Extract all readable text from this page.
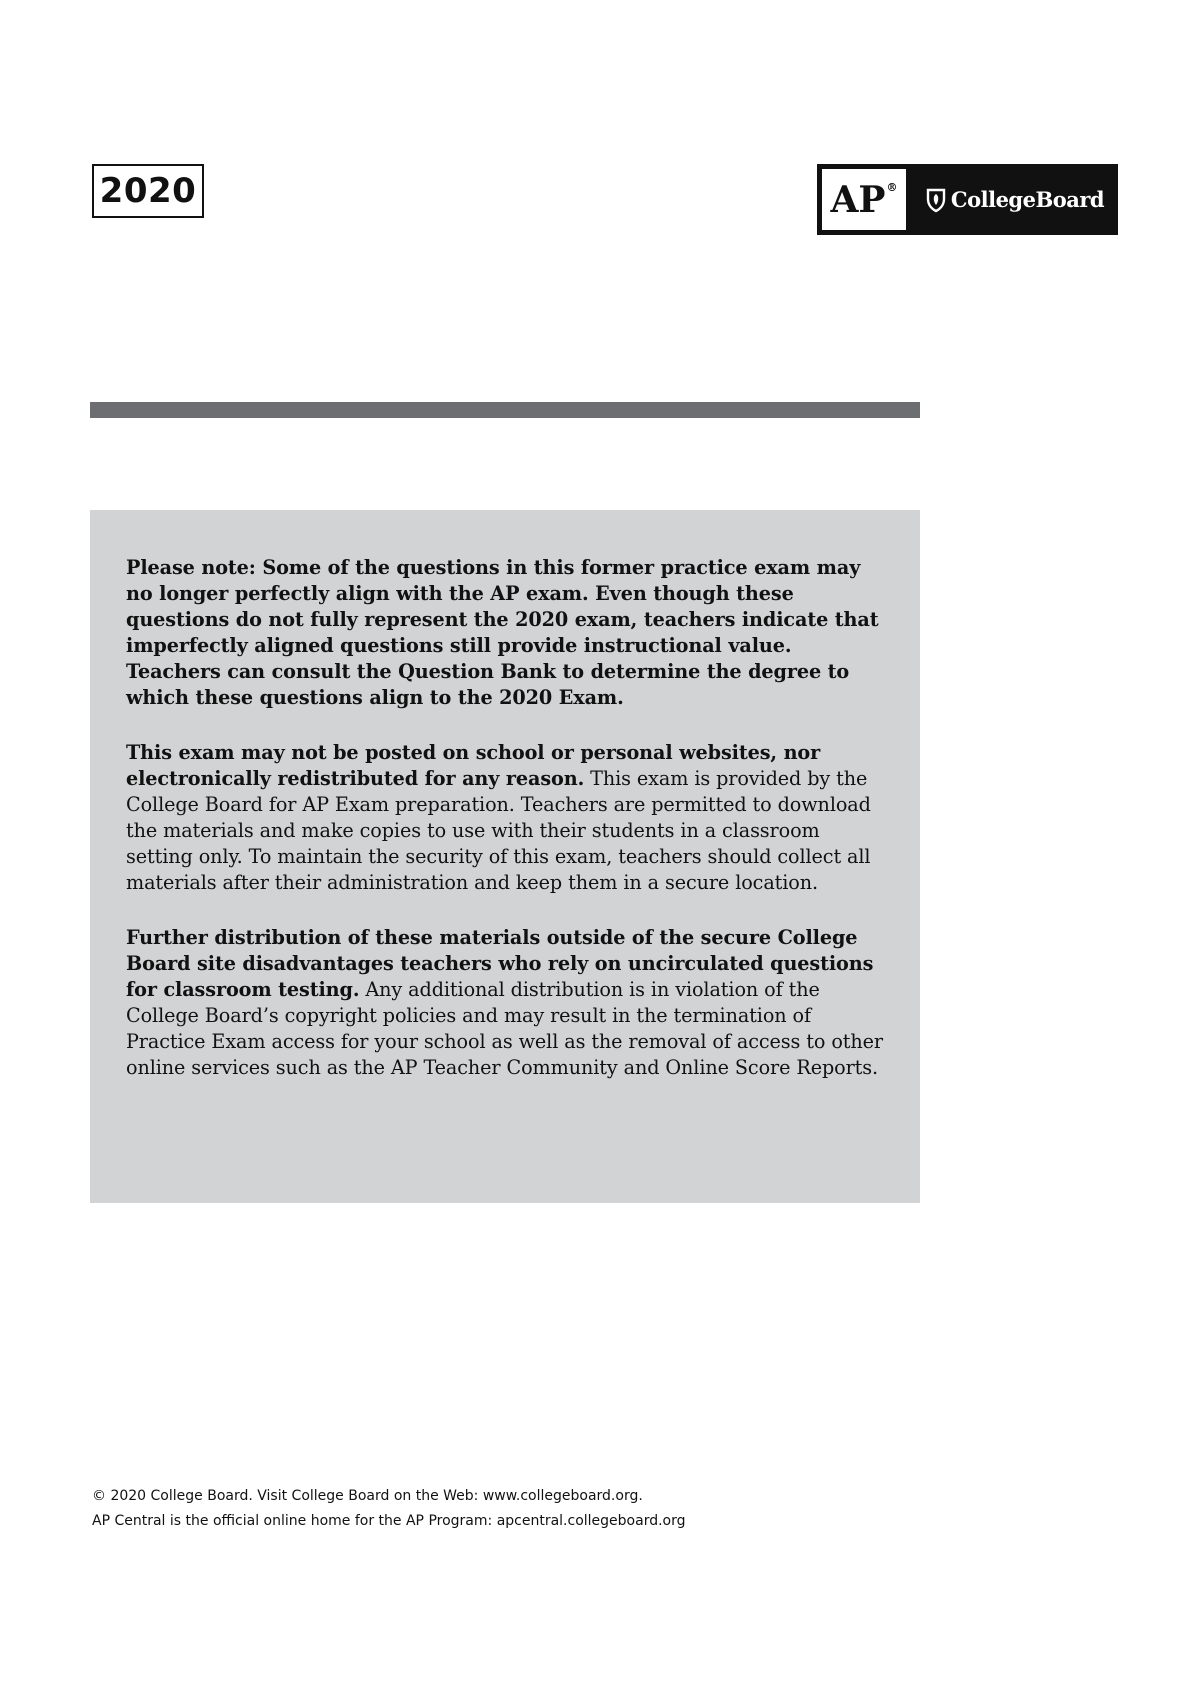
2020	AP®	CollegeBoard

Please note: Some of the questions in this former practice exam may no longer perfectly align with the AP exam. Even though these questions do not fully represent the 2020 exam, teachers indicate that imperfectly aligned questions still provide instructional value. Teachers can consult the Question Bank to determine the degree to which these questions align to the 2020 Exam.

This exam may not be posted on school or personal websites, nor electronically redistributed for any reason. This exam is provided by the College Board for AP Exam preparation. Teachers are permitted to download the materials and make copies to use with their students in a classroom setting only. To maintain the security of this exam, teachers should collect all materials after their administration and keep them in a secure location.

Further distribution of these materials outside of the secure College Board site disadvantages teachers who rely on uncirculated questions for classroom testing. Any additional distribution is in violation of the College Board’s copyright policies and may result in the termination of Practice Exam access for your school as well as the removal of access to other online services such as the AP Teacher Community and Online Score Reports.

© 2020 College Board. Visit College Board on the Web: www.collegeboard.org.
AP Central is the official online home for the AP Program: apcentral.collegeboard.org
